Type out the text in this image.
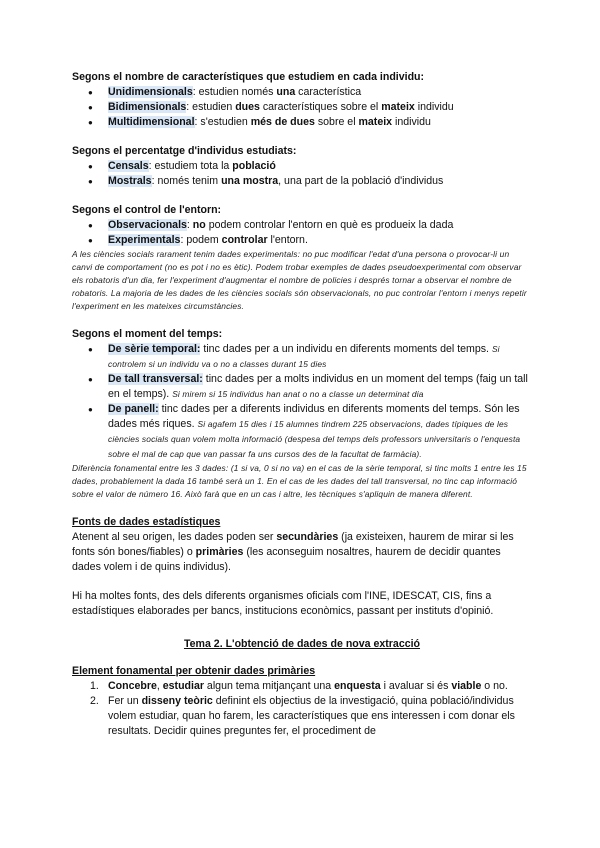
Segons el nombre de característiques que estudiem en cada individu:
● Unidimensionals: estudien només una característica
● Bidimensionals: estudien dues característiques sobre el mateix individu
● Multidimensional: s'estudien més de dues sobre el mateix individu
Segons el percentatge d'individus estudiats:
● Censals: estudiem tota la població
● Mostrals: només tenim una mostra, una part de la població d'individus
Segons el control de l'entorn:
● Observacionals: no podem controlar l'entorn en què es produeix la dada
● Experimentals: podem controlar l'entorn.

A les ciències socials rarament tenim dades experimentals: no puc modificar l'edat d'una persona o provocar-li un canvi de comportament (no es pot i no es ètic). Podem trobar exemples de dades pseudoexperimental com observar els robatoris d'un dia, fer l'experiment d'augmentar el nombre de policies i després tornar a observar el nombre de robatoris. La majoria de les dades de les ciències socials són observacionals, no puc controlar l'entorn i menys repetir l'experiment en les mateixes circumstàncies.

Segons el moment del temps:
● De sèrie temporal: tinc dades per a un individu en diferents moments del temps. Si controlem si un individu va o no a classes durant 15 dies
● De tall transversal: tinc dades per a molts individus en un moment del temps (faig un tall en el temps). Si mirem si 15 individus han anat o no a classe un determinat dia
● De panell: tinc dades per a diferents individus en diferents moments del temps. Són les dades més riques. Si agafem 15 dies i 15 alumnes tindrem 225 observacions, dades típiques de les ciències socials quan volem molta informació (despesa del temps dels professors universitaris o l'enquesta sobre el mal de cap que van passar fa uns cursos des de la facultat de farmàcia).

Diferència fonamental entre les 3 dades: (1 si va, 0 si no va) en el cas de la sèrie temporal, si tinc molts 1 entre les 15 dades, probablement la dada 16 també serà un 1. En el cas de les dades del tall transversal, no tinc cap informació sobre el valor de número 16. Això farà que en un cas i altre, les tècniques s'apliquin de manera diferent.

Fonts de dades estadístiques

Atenent al seu origen, les dades poden ser secundàries (ja existeixen, haurem de mirar si les fonts són bones/fiables) o primàries (les aconseguim nosaltres, haurem de decidir quantes dades volem i de quins individus).

Hi ha moltes fonts, des dels diferents organismes oficials com l'INE, IDESCAT, CIS, fins a estadístiques elaborades per bancs, institucions econòmics, passant per instituts d'opinió.

Tema 2. L'obtenció de dades de nova extracció

Element fonamental per obtenir dades primàries

1. Concebre, estudiar algun tema mitjançant una enquesta i avaluar si és viable o no.
2. Fer un disseny teòric definint els objectius de la investigació, quina població/individus volem estudiar, quan ho farem, les característiques que ens interessen i com donar els resultats. Decidir quines preguntes fer, el procediment de
